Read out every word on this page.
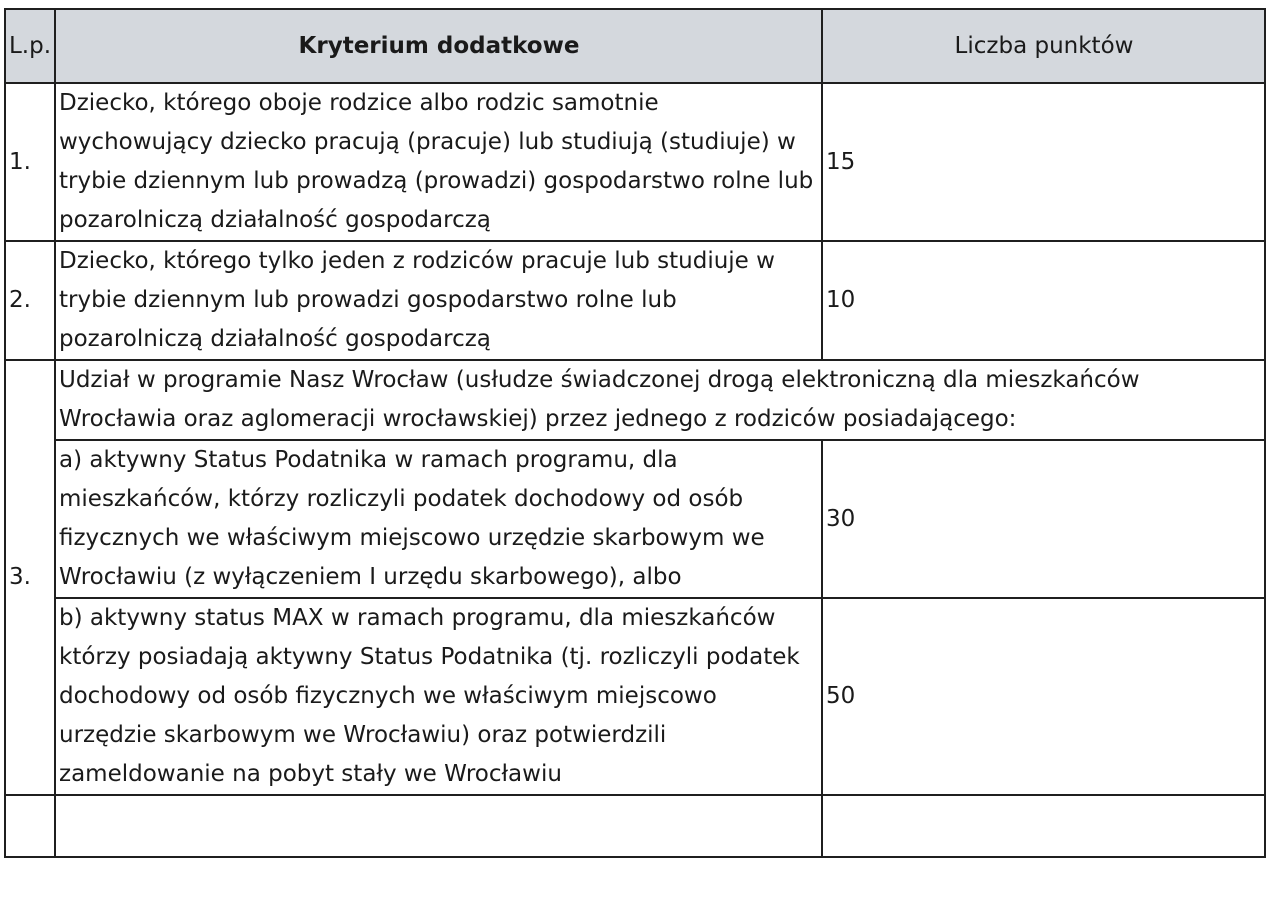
L.p.	Kryterium dodatkowe	Liczba punktów
1.	Dziecko, którego oboje rodzice albo rodzic samotnie wychowujący dziecko pracują (pracuje) lub studiują (studiuje) w trybie dziennym lub prowadzą (prowadzi) gospodarstwo rolne lub pozarolniczą działalność gospodarczą	15
2.	Dziecko, którego tylko jeden z rodziców pracuje lub studiuje w trybie dziennym lub prowadzi gospodarstwo rolne lub pozarolniczą działalność gospodarczą	10
3.	Udział w programie Nasz Wrocław (usłudze świadczonej drogą elektroniczną dla mieszkańców Wrocławia oraz aglomeracji wrocławskiej) przez jednego z rodziców posiadającego:	
	a) aktywny Status Podatnika w ramach programu, dla mieszkańców, którzy rozliczyli podatek dochodowy od osób fizycznych we właściwym miejscowo urzędzie skarbowym we Wrocławiu (z wyłączeniem I urzędu skarbowego), albo	30
	b) aktywny status MAX w ramach programu, dla mieszkańców którzy posiadają aktywny Status Podatnika (tj. rozliczyli podatek dochodowy od osób fizycznych we właściwym miejscowo urzędzie skarbowym we Wrocławiu) oraz potwierdzili zameldowanie na pobyt stały we Wrocławiu	50
